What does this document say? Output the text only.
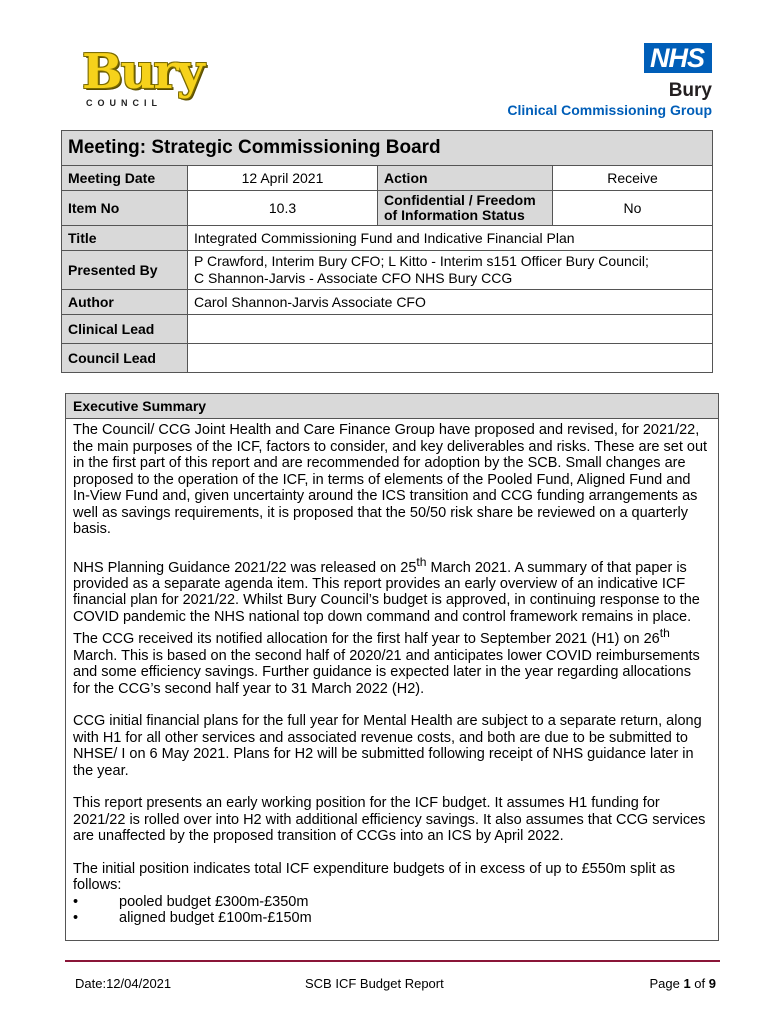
Bury
COUNCIL
NHS
Bury
Clinical Commissioning Group
Meeting: Strategic Commissioning Board			
Meeting Date	12 April 2021	Action	Receive
Item No	10.3	Confidential / Freedom
of Information Status	No
Title	Integrated Commissioning Fund and Indicative Financial Plan		
Presented By	P Crawford, Interim Bury CFO; L Kitto - Interim s151 Officer Bury Council;
C Shannon-Jarvis - Associate CFO NHS Bury CCG		
Author	Carol Shannon-Jarvis Associate CFO		
Clinical Lead			
Council Lead			
Executive Summary

The Council/ CCG Joint Health and Care Finance Group have proposed and revised, for 2021/22, the main purposes of the ICF, factors to consider, and key deliverables and risks. These are set out in the first part of this report and are recommended for adoption by the SCB. Small changes are proposed to the operation of the ICF, in terms of elements of the Pooled Fund, Aligned Fund and In-View Fund and, given uncertainty around the ICS transition and CCG funding arrangements as well as savings requirements, it is proposed that the 50/50 risk share be reviewed on a quarterly basis.

NHS Planning Guidance 2021/22 was released on 25th March 2021. A summary of that paper is provided as a separate agenda item. This report provides an early overview of an indicative ICF financial plan for 2021/22. Whilst Bury Council’s budget is approved, in continuing response to the COVID pandemic the NHS national top down command and control framework remains in place. The CCG received its notified allocation for the first half year to September 2021 (H1) on 26th March. This is based on the second half of 2020/21 and anticipates lower COVID reimbursements and some efficiency savings. Further guidance is expected later in the year regarding allocations for the CCG’s second half year to 31 March 2022 (H2).

CCG initial financial plans for the full year for Mental Health are subject to a separate return, along with H1 for all other services and associated revenue costs, and both are due to be submitted to NHSE/ I on 6 May 2021. Plans for H2 will be submitted following receipt of NHS guidance later in the year.

This report presents an early working position for the ICF budget. It assumes H1 funding for 2021/22 is rolled over into H2 with additional efficiency savings. It also assumes that CCG services are unaffected by the proposed transition of CCGs into an ICS by April 2022.

The initial position indicates total ICF expenditure budgets of in excess of up to £550m split as follows:

•	pooled budget £300m-£350m
•	aligned budget £100m-£150m
Date:12/04/2021	SCB ICF Budget Report	Page 1 of 9
